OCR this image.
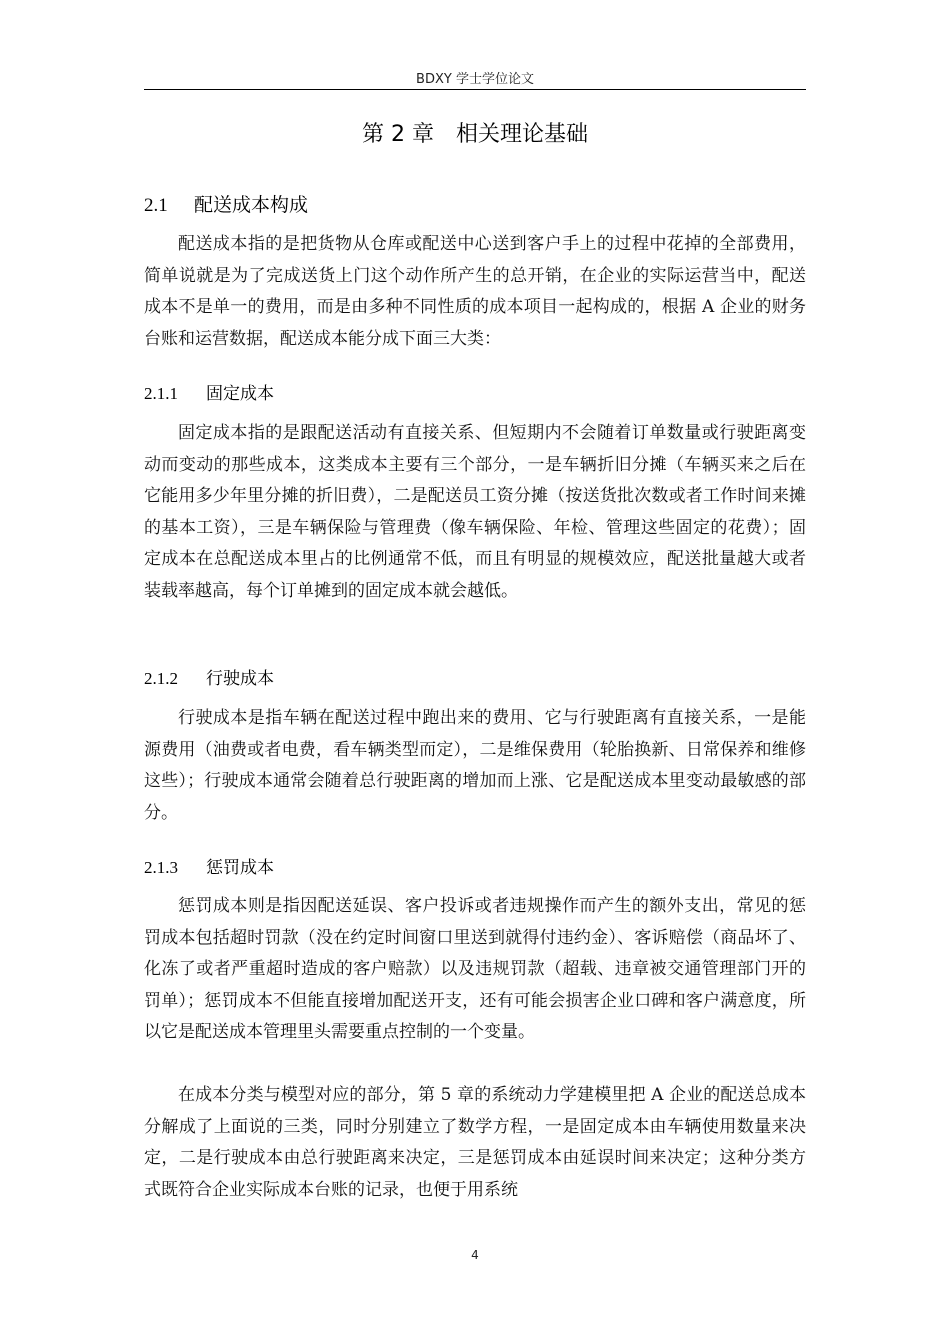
BDXY 学士学位论文
第 2 章　相关理论基础
2.1 配送成本构成

配送成本指的是把货物从仓库或配送中心送到客户手上的过程中花掉的全部费用，简单说就是为了完成送货上门这个动作所产生的总开销，在企业的实际运营当中，配送成本不是单一的费用，而是由多种不同性质的成本项目一起构成的，根据 A 企业的财务台账和运营数据，配送成本能分成下面三大类：

2.1.1 固定成本

固定成本指的是跟配送活动有直接关系、但短期内不会随着订单数量或行驶距离变动而变动的那些成本，这类成本主要有三个部分，一是车辆折旧分摊（车辆买来之后在它能用多少年里分摊的折旧费），二是配送员工资分摊（按送货批次数或者工作时间来摊的基本工资），三是车辆保险与管理费（像车辆保险、年检、管理这些固定的花费）；固定成本在总配送成本里占的比例通常不低，而且有明显的规模效应，配送批量越大或者装载率越高，每个订单摊到的固定成本就会越低。

2.1.2 行驶成本

行驶成本是指车辆在配送过程中跑出来的费用、它与行驶距离有直接关系，一是能源费用（油费或者电费，看车辆类型而定），二是维保费用（轮胎换新、日常保养和维修这些）；行驶成本通常会随着总行驶距离的增加而上涨、它是配送成本里变动最敏感的部分。

2.1.3 惩罚成本

惩罚成本则是指因配送延误、客户投诉或者违规操作而产生的额外支出，常见的惩罚成本包括超时罚款（没在约定时间窗口里送到就得付违约金）、客诉赔偿（商品坏了、化冻了或者严重超时造成的客户赔款）以及违规罚款（超载、违章被交通管理部门开的罚单）；惩罚成本不但能直接增加配送开支，还有可能会损害企业口碑和客户满意度，所以它是配送成本管理里头需要重点控制的一个变量。

在成本分类与模型对应的部分，第 5 章的系统动力学建模里把 A 企业的配送总成本分解成了上面说的三类，同时分别建立了数学方程，一是固定成本由车辆使用数量来决定，二是行驶成本由总行驶距离来决定，三是惩罚成本由延误时间来决定；这种分类方式既符合企业实际成本台账的记录，也便于用系统

4
